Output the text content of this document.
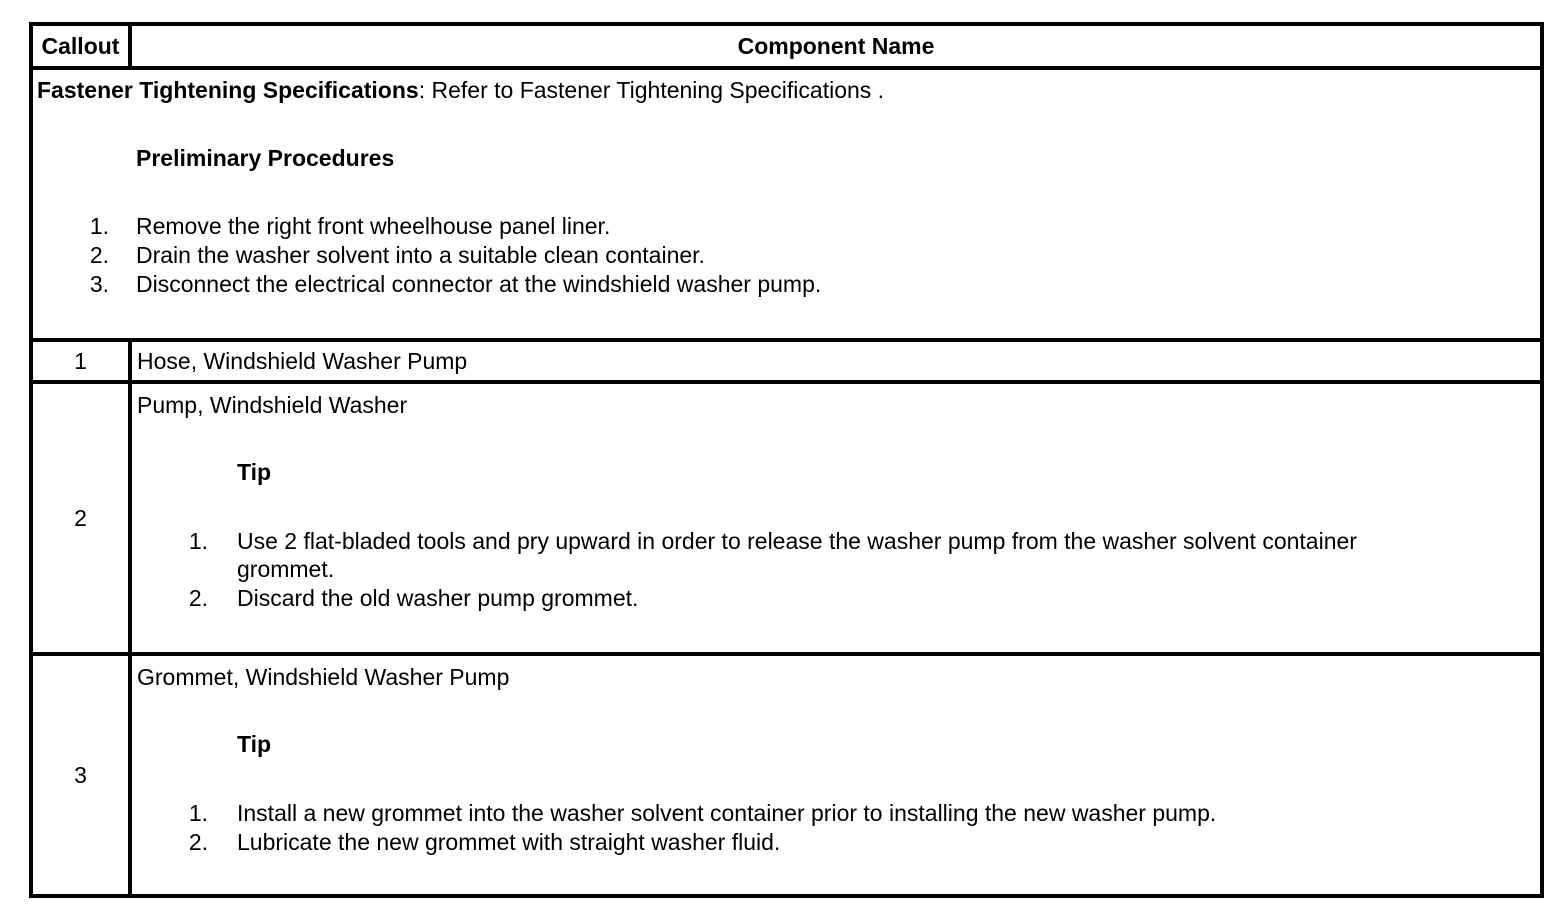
Callout	Component Name
Fastener Tightening Specifications: Refer to Fastener Tightening Specifications .
Preliminary Procedures
1. Remove the right front wheelhouse panel liner.
2. Drain the washer solvent into a suitable clean container.
3. Disconnect the electrical connector at the windshield washer pump.
1	Hose, Windshield Washer Pump
2
Pump, Windshield Washer
Tip
1. Use 2 flat-bladed tools and pry upward in order to release the washer pump from the washer solvent container
grommet.
2. Discard the old washer pump grommet.
3
Grommet, Windshield Washer Pump
Tip
1. Install a new grommet into the washer solvent container prior to installing the new washer pump.
2. Lubricate the new grommet with straight washer fluid.
